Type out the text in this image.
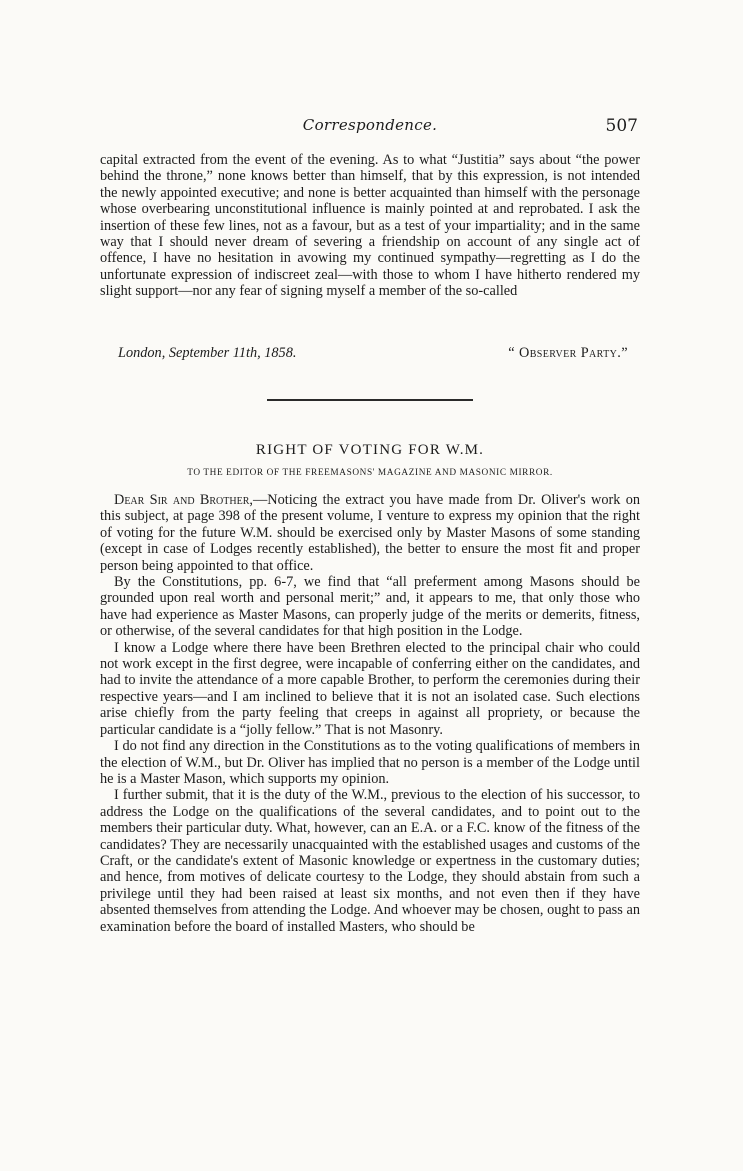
Correspondence.	507

capital extracted from the event of the evening. As to what “Justitia” says about “the power behind the throne,” none knows better than himself, that by this expression, is not intended the newly appointed executive; and none is better acquainted than himself with the personage whose overbearing unconstitutional influence is mainly pointed at and reprobated. I ask the insertion of these few lines, not as a favour, but as a test of your impartiality; and in the same way that I should never dream of severing a friendship on account of any single act of offence, I have no hesitation in avowing my continued sympathy—regretting as I do the unfortunate expression of indiscreet zeal—with those to whom I have hitherto rendered my slight support—nor any fear of signing myself a member of the so-called

London, September 11th, 1858.	“ Observer Party.”
RIGHT OF VOTING FOR W.M.
TO THE EDITOR OF THE FREEMASONS' MAGAZINE AND MASONIC MIRROR.

Dear Sir and Brother,—Noticing the extract you have made from Dr. Oliver's work on this subject, at page 398 of the present volume, I venture to express my opinion that the right of voting for the future W.M. should be exercised only by Master Masons of some standing (except in case of Lodges recently established), the better to ensure the most fit and proper person being appointed to that office.

By the Constitutions, pp. 6-7, we find that “all preferment among Masons should be grounded upon real worth and personal merit;” and, it appears to me, that only those who have had experience as Master Masons, can properly judge of the merits or demerits, fitness, or otherwise, of the several candidates for that high position in the Lodge.

I know a Lodge where there have been Brethren elected to the principal chair who could not work except in the first degree, were incapable of conferring either on the candidates, and had to invite the attendance of a more capable Brother, to perform the ceremonies during their respective years—and I am inclined to believe that it is not an isolated case. Such elections arise chiefly from the party feeling that creeps in against all propriety, or because the particular candidate is a “jolly fellow.” That is not Masonry.

I do not find any direction in the Constitutions as to the voting qualifications of members in the election of W.M., but Dr. Oliver has implied that no person is a member of the Lodge until he is a Master Mason, which supports my opinion.

I further submit, that it is the duty of the W.M., previous to the election of his successor, to address the Lodge on the qualifications of the several candidates, and to point out to the members their particular duty. What, however, can an E.A. or a F.C. know of the fitness of the candidates? They are necessarily unacquainted with the established usages and customs of the Craft, or the candidate's extent of Masonic knowledge or expertness in the customary duties; and hence, from motives of delicate courtesy to the Lodge, they should abstain from such a privilege until they had been raised at least six months, and not even then if they have absented themselves from attending the Lodge. And whoever may be chosen, ought to pass an examination before the board of installed Masters, who should be
